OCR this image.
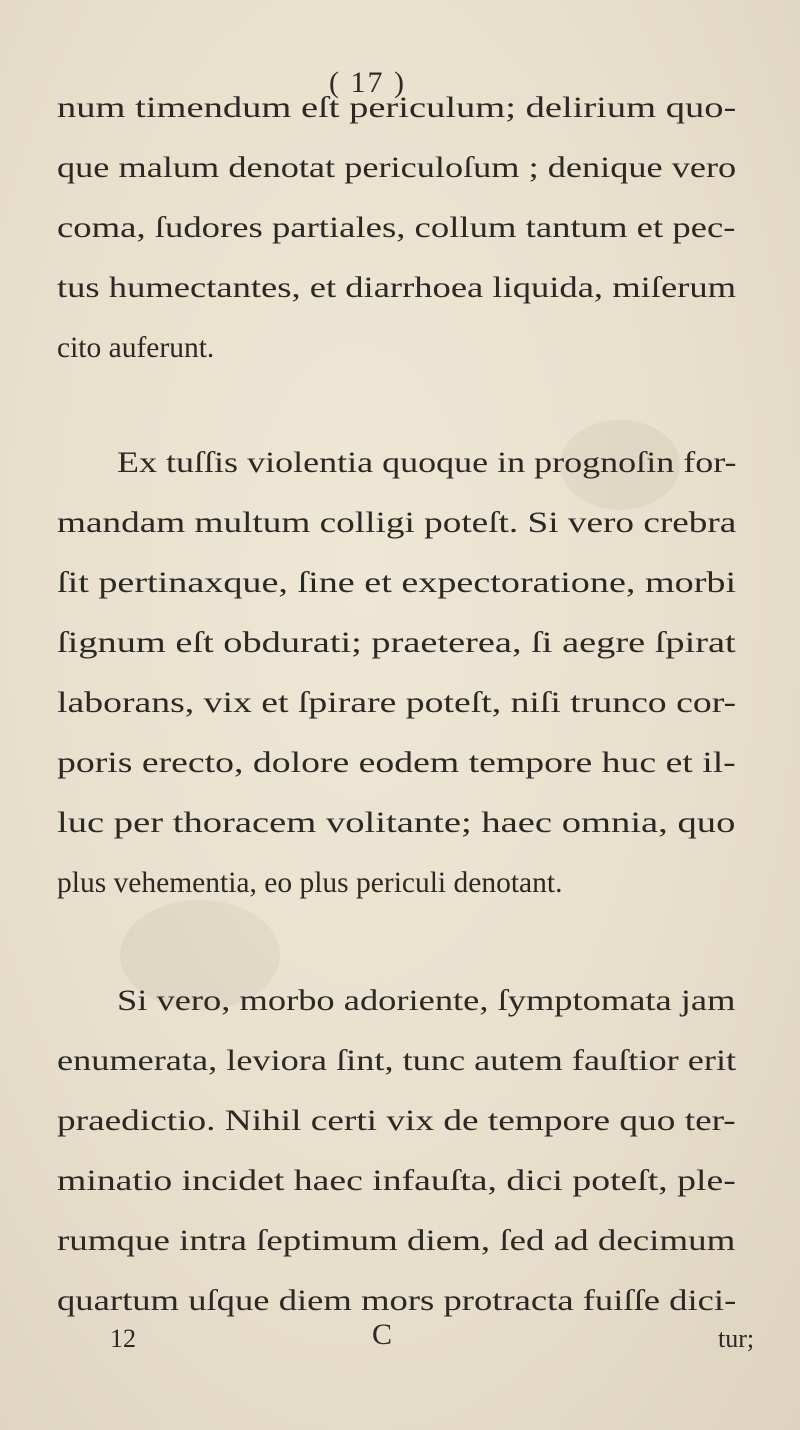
( 17 )
num timendum eſt periculum; delirium quo-
que malum denotat periculoſum ; denique vero
coma, ſudores partiales, collum tantum et pec-
tus humectantes, et diarrhoea liquida, miſerum
cito auferunt.
Ex tuſſis violentia quoque in prognoſin for-
mandam multum colligi poteſt. Si vero crebra
ſit pertinaxque, ſine et expectoratione, morbi
ſignum eſt obdurati; praeterea, ſi aegre ſpirat
laborans, vix et ſpirare poteſt, niſi trunco cor-
poris erecto, dolore eodem tempore huc et il-
luc per thoracem volitante; haec omnia, quo
plus vehementia, eo plus periculi denotant.
Si vero, morbo adoriente, ſymptomata jam
enumerata, leviora ſint, tunc autem fauſtior erit
praedictio. Nihil certi vix de tempore quo ter-
minatio incidet haec infauſta, dici poteſt, ple-
rumque intra ſeptimum diem, ſed ad decimum
quartum uſque diem mors protracta fuiſſe dici-
12	C	tur;
